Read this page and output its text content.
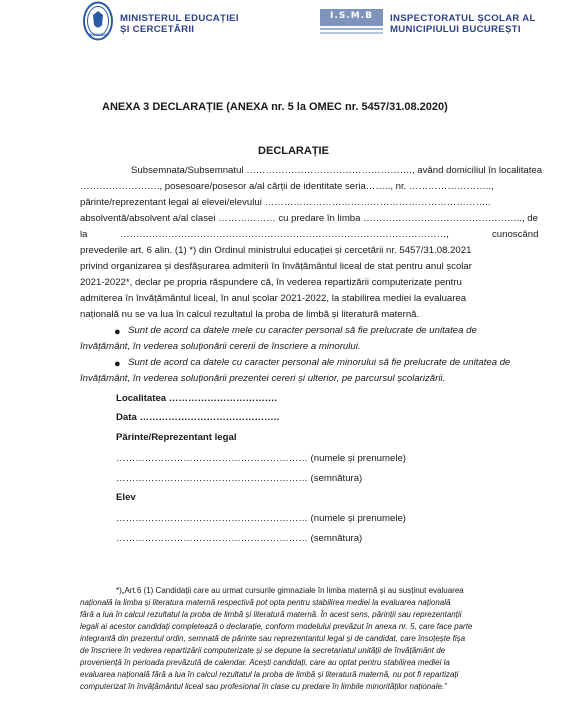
ROMANIA
MINISTERUL EDUCAȚIEI
ȘI CERCETĂRII
I.S.M.B	INSPECTORATUL ȘCOLAR AL
MUNICIPIULUI BUCUREȘTI
ANEXA 3 DECLARAȚIE (ANEXA nr. 5 la OMEC nr. 5457/31.08.2020)
DECLARAȚIE
Subsemnata/Subsemnatul ……………………………………………., având domiciliul în localitatea
……………………., posesoare/posesor a/al cărții de identitate seria…….., nr. ……………………..,
părinte/reprezentant legal al elevei/elevului ……………………………………………………………..
absolventă/absolvent a/al clasei ……………… cu predare în limba ………………………………………….., de
la	…………………………………………………………………………………………,	cunoscând
prevederile art. 6 alin. (1) *) din Ordinul ministrului educației și cercetării nr. 5457/31.08.2021
privind organizarea și desfășurarea admiterii în învățământul liceal de stat pentru anul școlar
2021-2022*, declar pe propria răspundere că, în vederea repartizării computerizate pentru
admiterea în învățământul liceal, în anul școlar 2021-2022, la stabilirea mediei la evaluarea
națională nu se va lua în calcul rezultatul la proba de limbă și literatură maternă.
● Sunt de acord ca datele mele cu caracter personal să fie prelucrate de unitatea de
învățământ, în vederea soluționării cererii de înscriere a minorului.
● Sunt de acord ca datele cu caracter personal ale minorului să fie prelucrate de unitatea de
învățământ, în vederea soluționării prezentei cereri și ulterior, pe parcursul școlarizării.
Localitatea …………………………….
Data ……………………………………..
Părinte/Reprezentant legal
…………………………………………………… (numele și prenumele)
…………………………………………………… (semnătura)
Elev
…………………………………………………… (numele și prenumele)
…………………………………………………… (semnătura)
*)„Art.6 (1) Candidații care au urmat cursurile gimnaziale în limba maternă și au susținut evaluarea
națională la limba și literatura maternă respectivă pot opta pentru stabilirea mediei la evaluarea națională
fără a lua în calcul rezultatul la proba de limbă și literatură maternă. În acest sens, părinții sau reprezentanții
legali ai acestor candidați completează o declarație, conform modelului prevăzut în anexa nr. 5, care face parte
integrantă din prezentul ordin, semnată de părinte sau reprezentantul legal și de candidat, care însoțește fișa
de înscriere în vederea repartizării computerizate și se depune la secretariatul unității de învățământ de
proveniență în perioada prevăzută de calendar. Acești candidați, care au optat pentru stabilirea mediei la
evaluarea națională fără a lua în calcul rezultatul la proba de limbă și literatură maternă, nu pot fi repartizați
computerizat în învățământul liceal sau profesional în clase cu predare în limbile minorităților naționale.”
